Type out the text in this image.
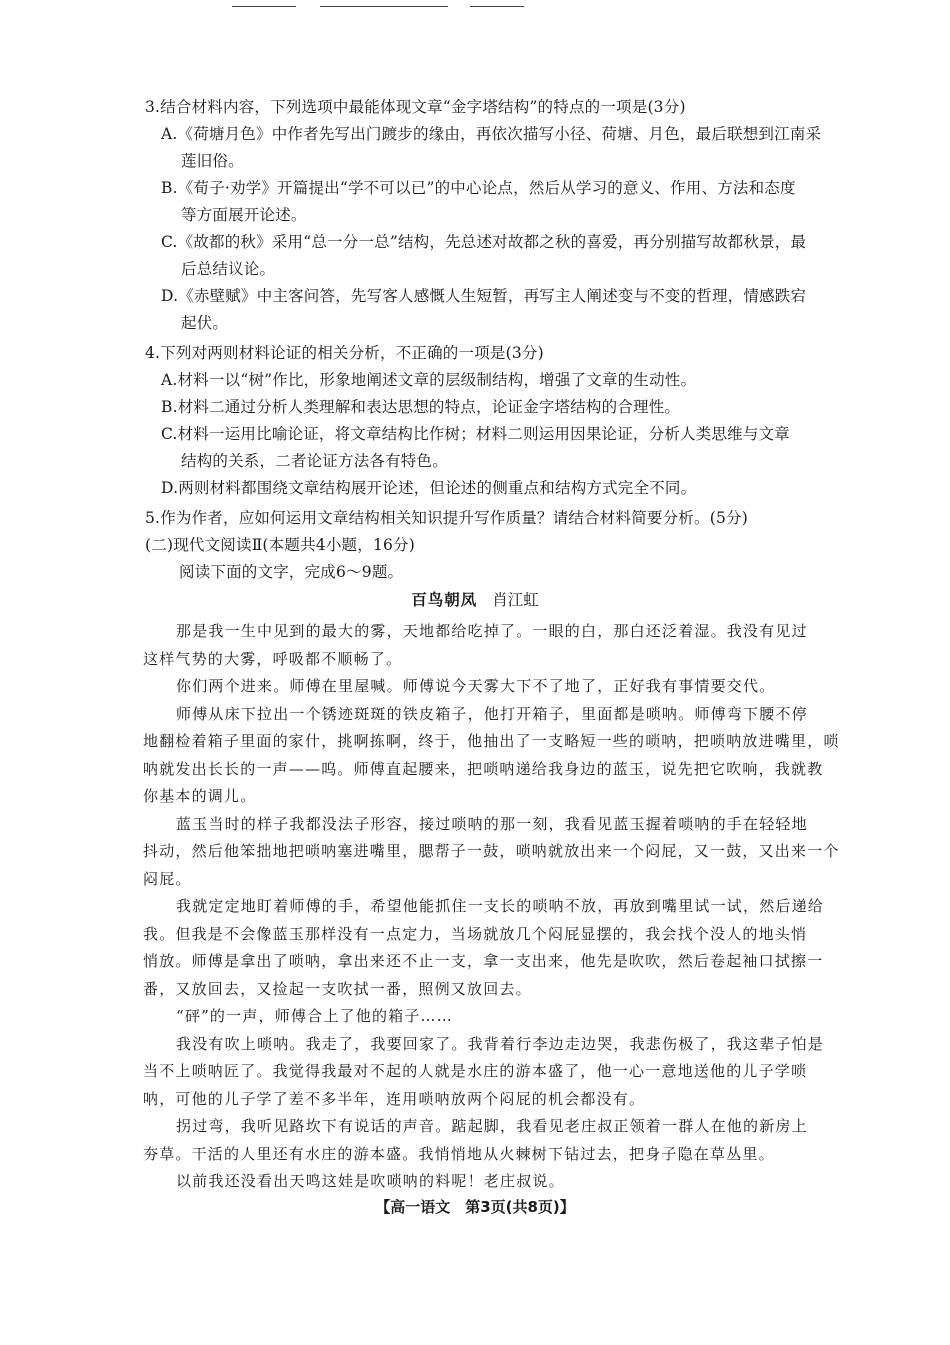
3.结合材料内容，下列选项中最能体现文章“金字塔结构”的特点的一项是(3分)
A.《荷塘月色》中作者先写出门踱步的缘由，再依次描写小径、荷塘、月色，最后联想到江南采
莲旧俗。
B.《荀子·劝学》开篇提出“学不可以已”的中心论点，然后从学习的意义、作用、方法和态度
等方面展开论述。
C.《故都的秋》采用“总一分一总”结构，先总述对故都之秋的喜爱，再分别描写故都秋景，最
后总结议论。
D.《赤壁赋》中主客问答，先写客人感慨人生短暂，再写主人阐述变与不变的哲理，情感跌宕
起伏。
4.下列对两则材料论证的相关分析，不正确的一项是(3分)
A.材料一以“树”作比，形象地阐述文章的层级制结构，增强了文章的生动性。
B.材料二通过分析人类理解和表达思想的特点，论证金字塔结构的合理性。
C.材料一运用比喻论证，将文章结构比作树；材料二则运用因果论证，分析人类思维与文章
结构的关系，二者论证方法各有特色。
D.两则材料都围绕文章结构展开论述，但论述的侧重点和结构方式完全不同。
5.作为作者，应如何运用文章结构相关知识提升写作质量？请结合材料简要分析。(5分)
(二)现代文阅读Ⅱ(本题共4小题，16分)
阅读下面的文字，完成6～9题。
百鸟朝凤 肖江虹
那是我一生中见到的最大的雾，天地都给吃掉了。一眼的白，那白还泛着湿。我没有见过
这样气势的大雾，呼吸都不顺畅了。
你们两个进来。师傅在里屋喊。师傅说今天雾大下不了地了，正好我有事情要交代。
师傅从床下拉出一个锈迹斑斑的铁皮箱子，他打开箱子，里面都是唢呐。师傅弯下腰不停
地翻检着箱子里面的家什，挑啊拣啊，终于，他抽出了一支略短一些的唢呐，把唢呐放进嘴里，唢
呐就发出长长的一声——呜。师傅直起腰来，把唢呐递给我身边的蓝玉，说先把它吹响，我就教
你基本的调儿。
蓝玉当时的样子我都没法子形容，接过唢呐的那一刻，我看见蓝玉握着唢呐的手在轻轻地
抖动，然后他笨拙地把唢呐塞进嘴里，腮帮子一鼓，唢呐就放出来一个闷屁，又一鼓，又出来一个
闷屁。
我就定定地盯着师傅的手，希望他能抓住一支长的唢呐不放，再放到嘴里试一试，然后递给
我。但我是不会像蓝玉那样没有一点定力，当场就放几个闷屁显摆的，我会找个没人的地头悄
悄放。师傅是拿出了唢呐，拿出来还不止一支，拿一支出来，他先是吹吹，然后卷起袖口拭擦一
番，又放回去，又捡起一支吹拭一番，照例又放回去。
“砰”的一声，师傅合上了他的箱子……
我没有吹上唢呐。我走了，我要回家了。我背着行李边走边哭，我悲伤极了，我这辈子怕是
当不上唢呐匠了。我觉得我最对不起的人就是水庄的游本盛了，他一心一意地送他的儿子学唢
呐，可他的儿子学了差不多半年，连用唢呐放两个闷屁的机会都没有。
拐过弯，我听见路坎下有说话的声音。踮起脚，我看见老庄叔正领着一群人在他的新房上
夯草。干活的人里还有水庄的游本盛。我悄悄地从火棘树下钻过去，把身子隐在草丛里。
以前我还没看出天鸣这娃是吹唢呐的料呢！老庄叔说。
【高一语文　第3页(共8页)】
